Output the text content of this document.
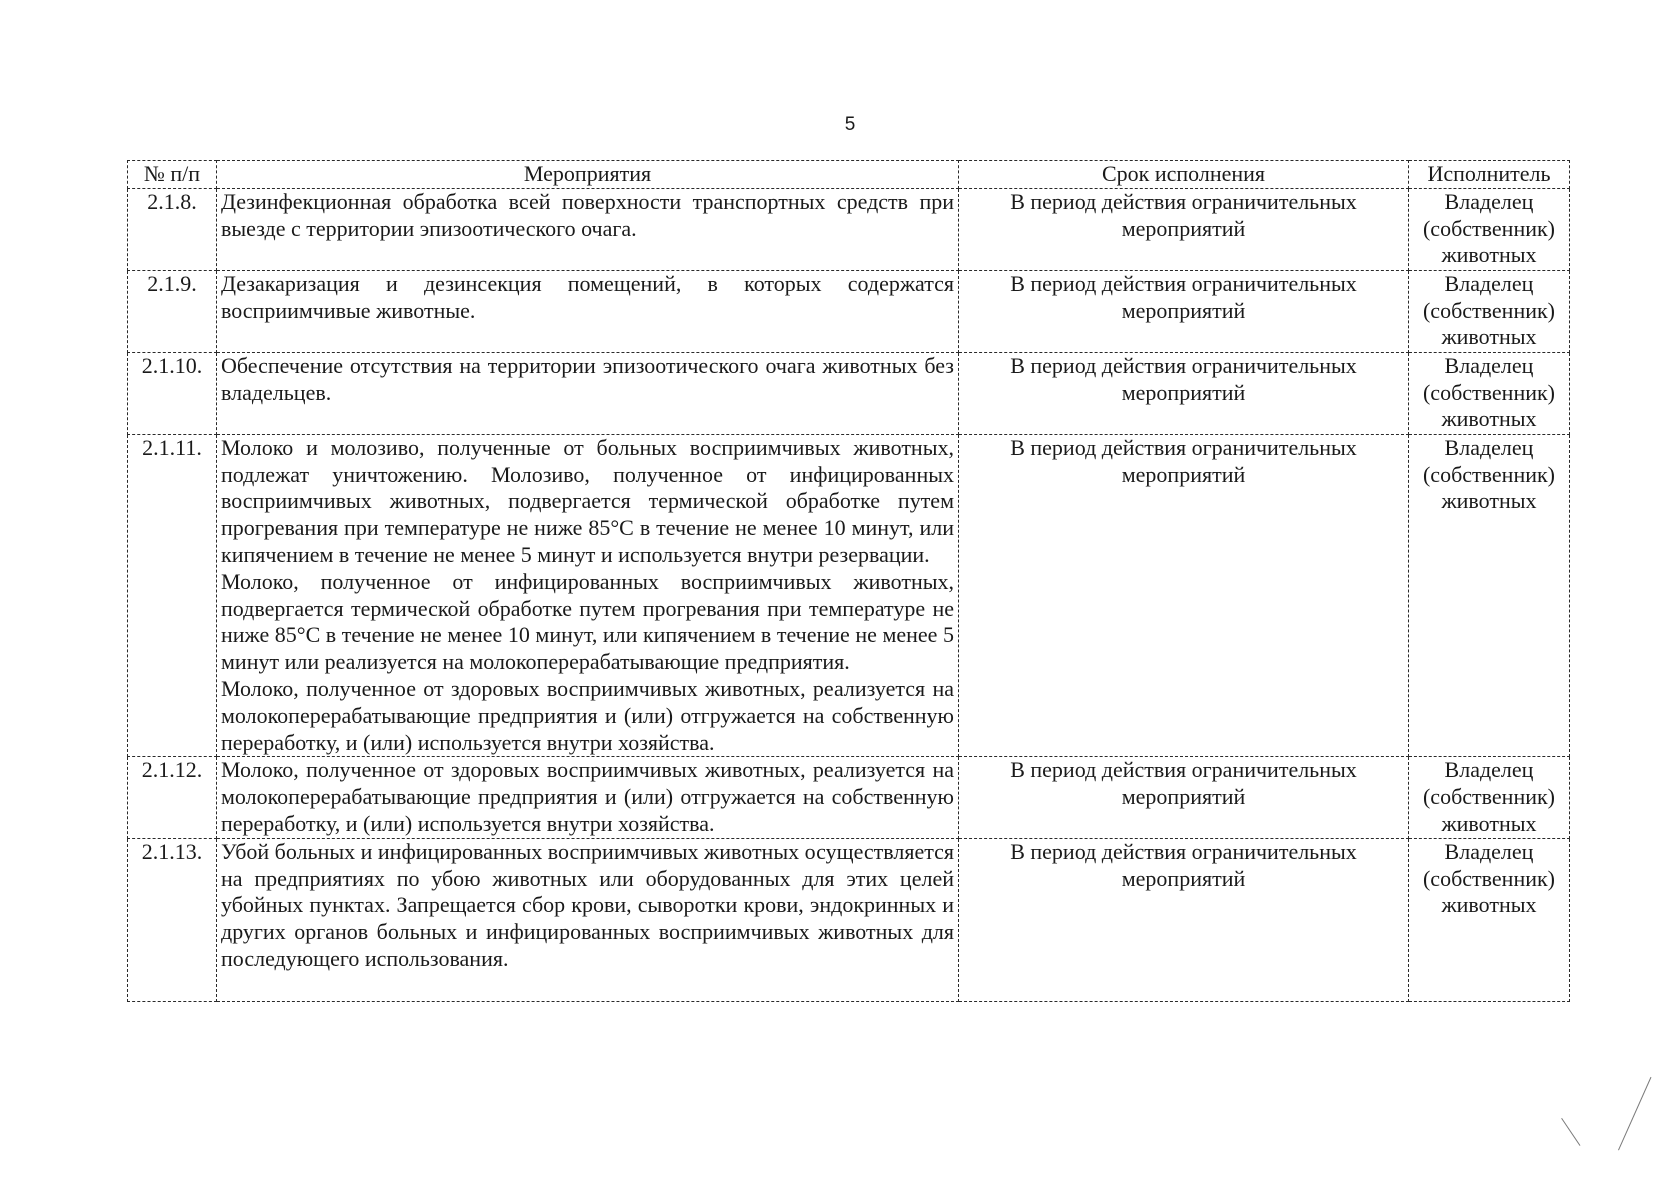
5
№ п/п	Мероприятия	Срок исполнения	Исполнитель
2.1.8.	Дезинфекционная обработка всей поверхности транспортных средств при выезде с территории эпизоотического очага.	В период действия ограничительных мероприятий	Владелец (собственник) животных
2.1.9.	Дезакаризация и дезинсекция помещений, в которых содержатся восприимчивые животные.	В период действия ограничительных мероприятий	Владелец (собственник) животных
2.1.10.	Обеспечение отсутствия на территории эпизоотического очага животных без владельцев.	В период действия ограничительных мероприятий	Владелец (собственник) животных
2.1.11.	Молоко и молозиво, полученные от больных восприимчивых животных, подлежат уничтожению. Молозиво, полученное от инфицированных восприимчивых животных, подвергается термической обработке путем прогревания при температуре не ниже 85°С в течение не менее 10 минут, или кипячением в течение не менее 5 минут и используется внутри резервации.

Молоко, полученное от инфицированных восприимчивых животных, подвергается термической обработке путем прогревания при температуре не ниже 85°С в течение не менее 10 минут, или кипячением в течение не менее 5 минут или реализуется на молокоперерабатывающие предприятия.

Молоко, полученное от здоровых восприимчивых животных, реализуется на молокоперерабатывающие предприятия и (или) отгружается на собственную переработку, и (или) используется внутри хозяйства.	В период действия ограничительных мероприятий	Владелец (собственник) животных
2.1.12.	Молоко, полученное от здоровых восприимчивых животных, реализуется на молокоперерабатывающие предприятия и (или) отгружается на собственную переработку, и (или) используется внутри хозяйства.	В период действия ограничительных мероприятий	Владелец (собственник) животных
2.1.13.	Убой больных и инфицированных восприимчивых животных осуществляется на предприятиях по убою животных или оборудованных для этих целей убойных пунктах. Запрещается сбор крови, сыворотки крови, эндокринных и других органов больных и инфицированных восприимчивых животных для последующего использования.	В период действия ограничительных мероприятий	Владелец (собственник) животных
